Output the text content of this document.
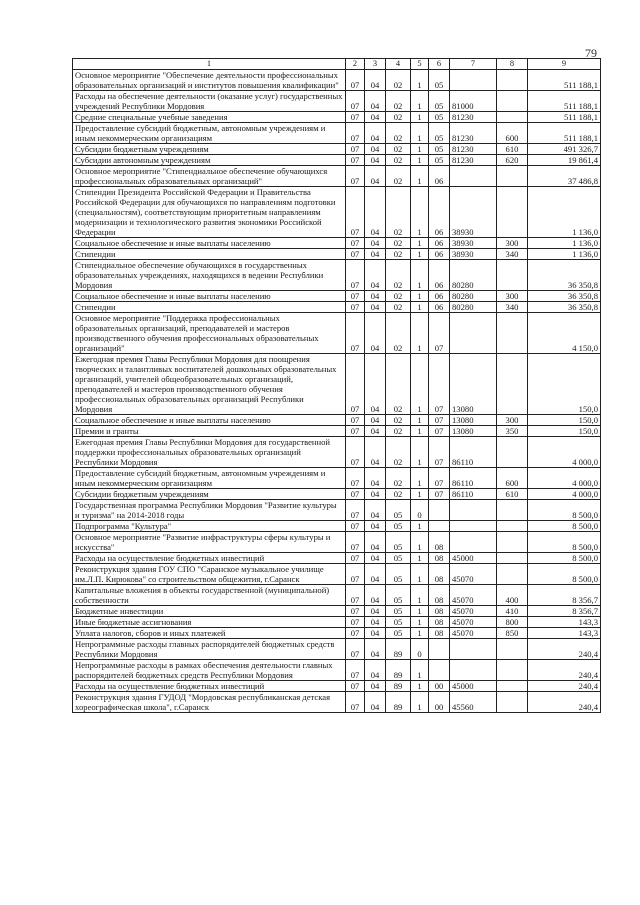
79
1	2	3	4	5	6	7	8	9
Основное мероприятие "Обеспечение деятельности профессиональных образовательных организаций и институтов повышения квалификации"	07	04	02	1	05			511 188,1
Расходы на обеспечение деятельности (оказание услуг) государственных учреждений Республики Мордовия	07	04	02	1	05	81000		511 188,1
Средние специальные учебные заведения	07	04	02	1	05	81230		511 188,1
Предоставление субсидий бюджетным, автономным учреждениям и иным некоммерческим организациям	07	04	02	1	05	81230	600	511 188,1
Субсидии бюджетным учреждениям	07	04	02	1	05	81230	610	491 326,7
Субсидии автономным учреждениям	07	04	02	1	05	81230	620	19 861,4
Основное мероприятие "Стипендиальное обеспечение обучающихся профессиональных образовательных организаций"	07	04	02	1	06			37 486,8
Стипендии Президента Российской Федерации и Правительства Российской Федерации для обучающихся по направлениям подготовки (специальностям), соответствующим приоритетным направлениям модернизации и технологического развития экономики Российской Федерации	07	04	02	1	06	38930		1 136,0
Социальное обеспечение и иные выплаты населению	07	04	02	1	06	38930	300	1 136,0
Стипендии	07	04	02	1	06	38930	340	1 136,0
Стипендиальное обеспечение обучающихся в государственных образовательных учреждениях, находящихся в ведении Республики Мордовия	07	04	02	1	06	80280		36 350,8
Социальное обеспечение и иные выплаты населению	07	04	02	1	06	80280	300	36 350,8
Стипендии	07	04	02	1	06	80280	340	36 350,8
Основное мероприятие "Поддержка профессиональных образовательных организаций, преподавателей и мастеров производственного обучения профессиональных образовательных организаций"	07	04	02	1	07			4 150,0
Ежегодная премия Главы Республики Мордовия для поощрения творческих и талантливых воспитателей дошкольных образовательных организаций, учителей общеобразовательных организаций, преподавателей и мастеров производственного обучения профессиональных образовательных организаций Республики Мордовия	07	04	02	1	07	13080		150,0
Социальное обеспечение и иные выплаты населению	07	04	02	1	07	13080	300	150,0
Премии и гранты	07	04	02	1	07	13080	350	150,0
Ежегодная премия Главы Республики Мордовия для государственной поддержки профессиональных образовательных организаций Республики Мордовия	07	04	02	1	07	86110		4 000,0
Предоставление субсидий бюджетным, автономным учреждениям и иным некоммерческим организациям	07	04	02	1	07	86110	600	4 000,0
Субсидии бюджетным учреждениям	07	04	02	1	07	86110	610	4 000,0
Государственная программа Республики Мордовия "Развитие культуры и туризма" на 2014-2018 годы	07	04	05	0				8 500,0
Подпрограмма "Культура"	07	04	05	1				8 500,0
Основное мероприятие "Развитие инфраструктуры сферы культуры и искусства"	07	04	05	1	08			8 500,0
Расходы на осуществление бюджетных инвестиций	07	04	05	1	08	45000		8 500,0
Реконструкция здания ГОУ СПО "Саранское музыкальное училище им.Л.П. Кирюкова" со строительством общежития, г.Саранск	07	04	05	1	08	45070		8 500,0
Капитальные вложения в объекты государственной (муниципальной) собственности	07	04	05	1	08	45070	400	8 356,7
Бюджетные инвестиции	07	04	05	1	08	45070	410	8 356,7
Иные бюджетные ассигнования	07	04	05	1	08	45070	800	143,3
Уплата налогов, сборов и иных платежей	07	04	05	1	08	45070	850	143,3
Непрограммные расходы главных распорядителей бюджетных средств Республики Мордовия	07	04	89	0				240,4
Непрограммные расходы в рамках обеспечения деятельности главных распорядителей бюджетных средств Республики Мордовия	07	04	89	1				240,4
Расходы на осуществление бюджетных инвестиций	07	04	89	1	00	45000		240,4
Реконструкция здания ГУДОД "Мордовская республиканская детская хореографическая школа", г.Саранск	07	04	89	1	00	45560		240,4
